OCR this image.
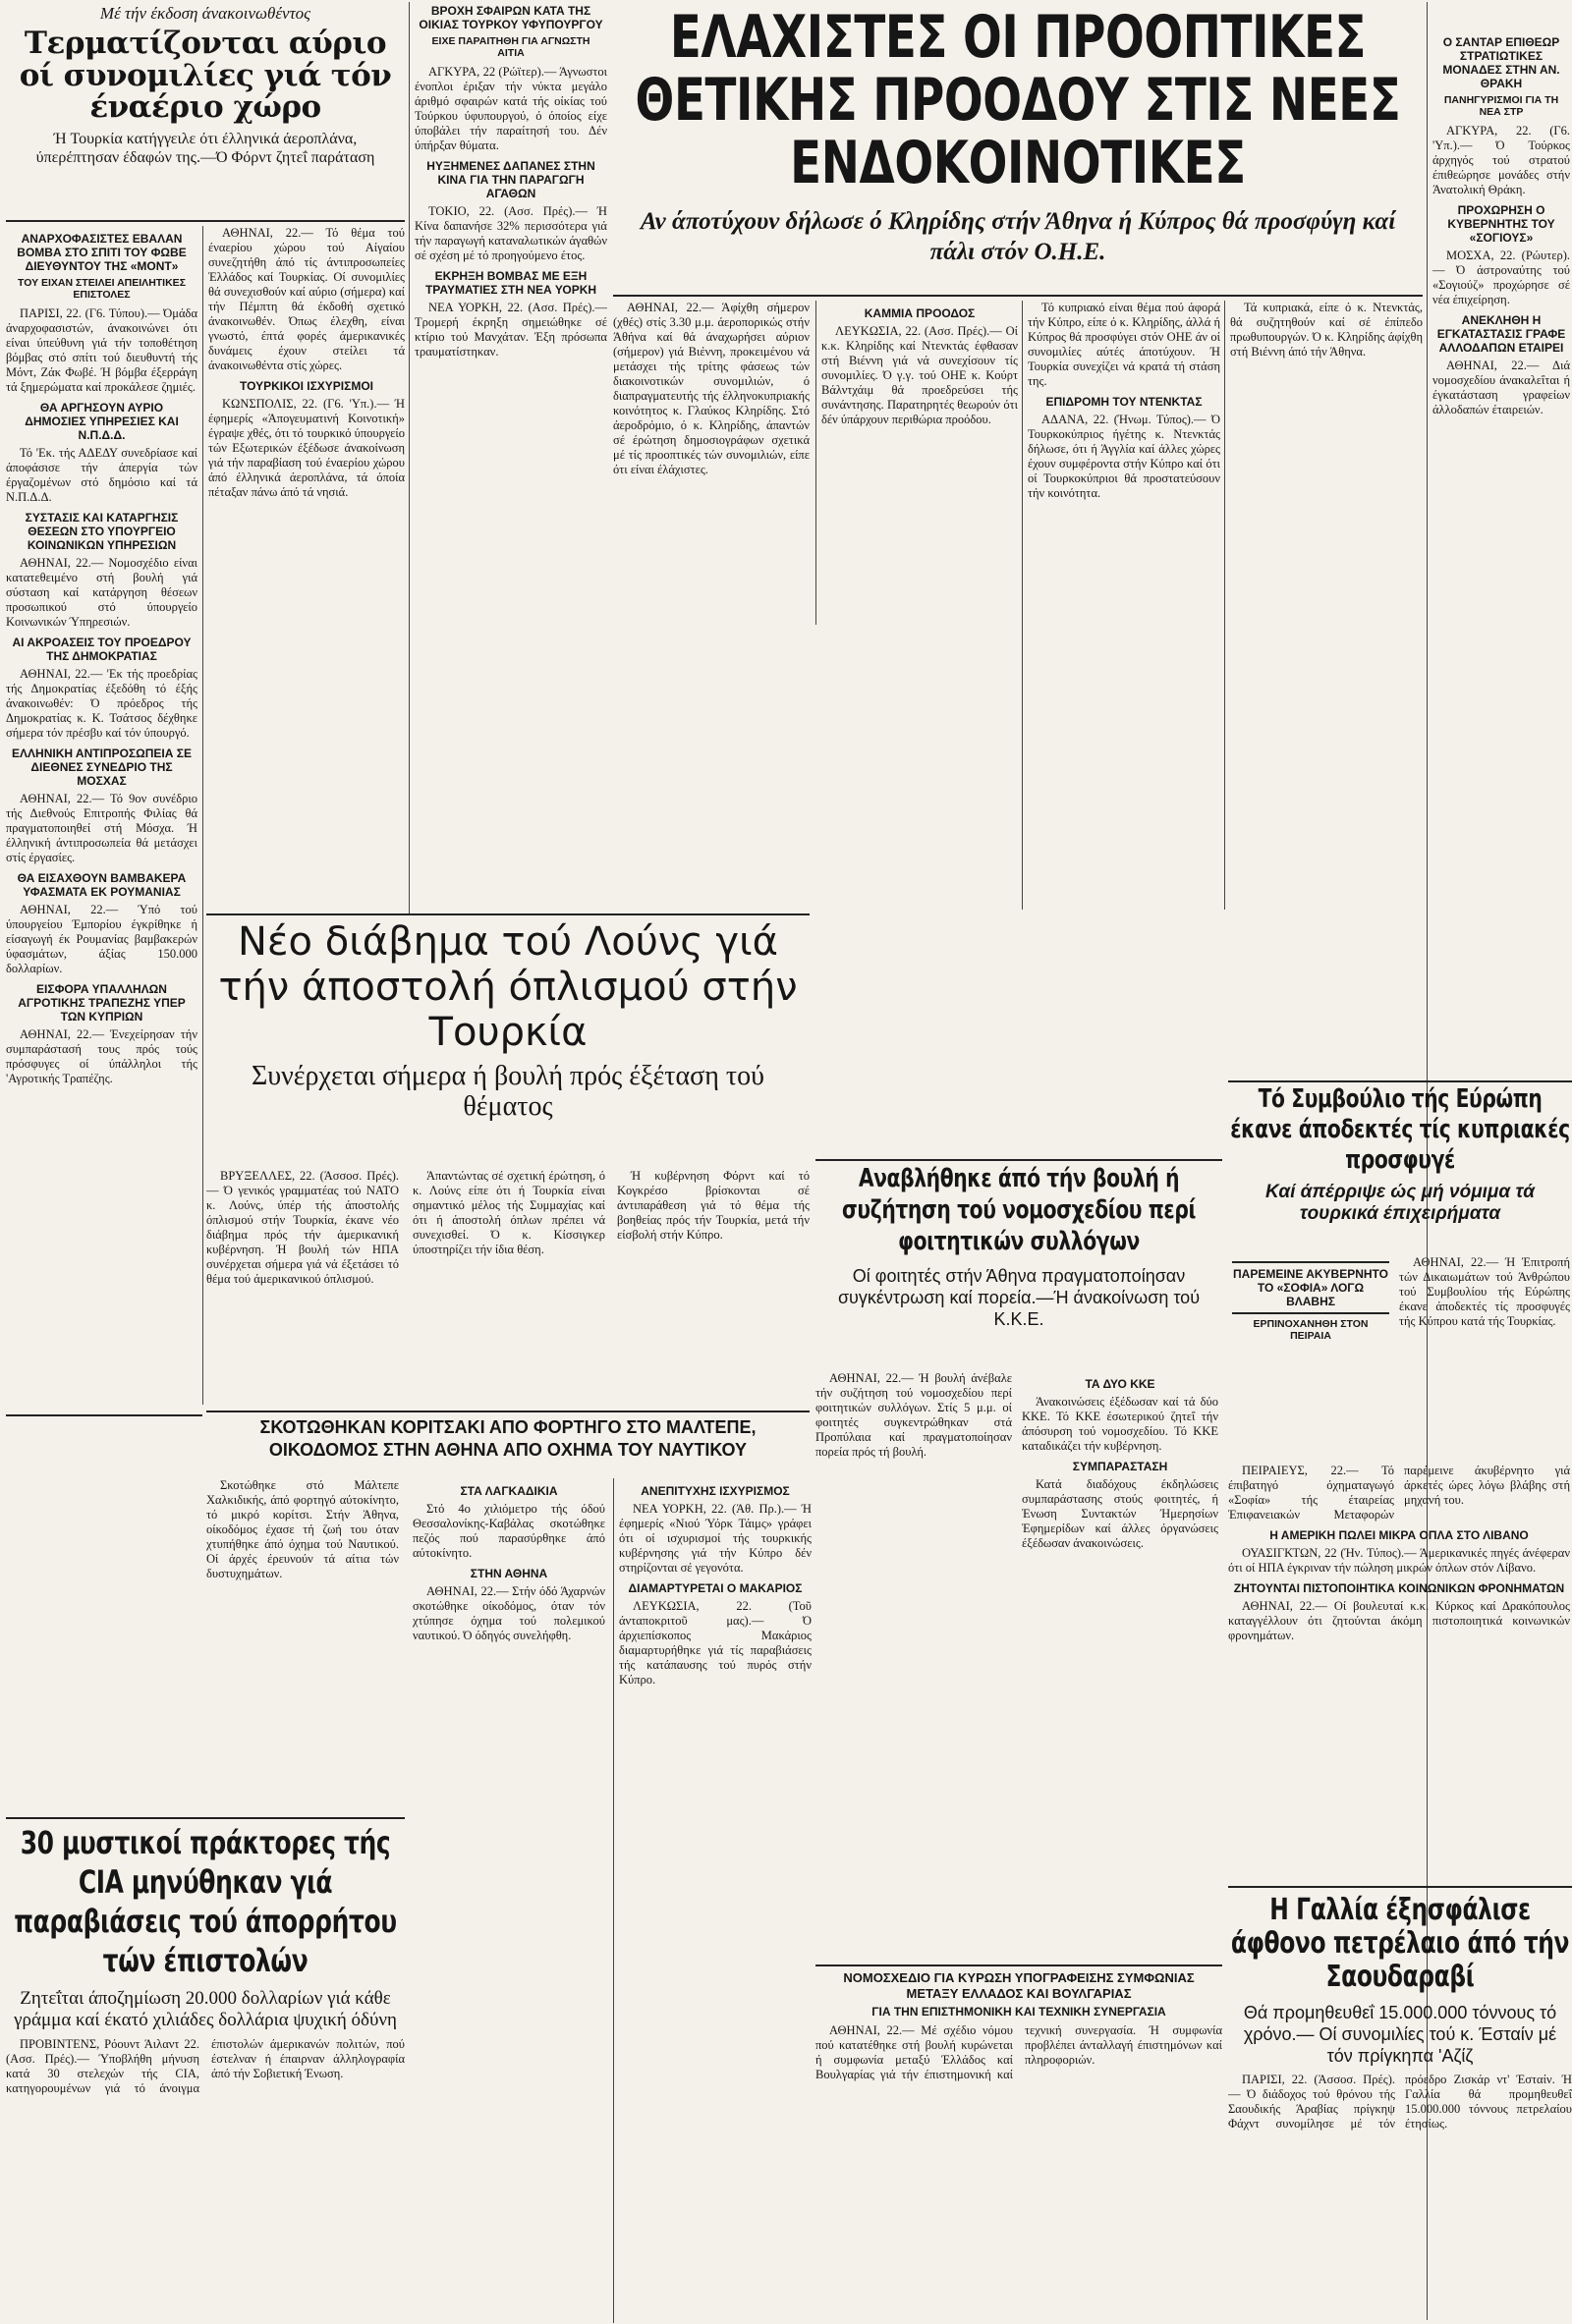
Μέ τήν έκδοση άνακοινωθέντος
Τερματίζονται αύριο οί συνομιλίες γιά τόν έναέριο χώρο
Ή Τουρκία κατήγγειλε ότι έλληνικά άεροπλάνα, ύπερέπτησαν έδαφών της.—Ό Φόρντ ζητεΐ παράταση
ΑΝΑΡΧΟΦΑΣΙΣΤΕΣ ΕΒΑΛΑΝ ΒΟΜΒΑ ΣΤΟ ΣΠΙΤΙ ΤΟΥ ΦΩΒΕ ΔΙΕΥΘΥΝΤΟΥ ΤΗΣ «ΜΟΝΤ»
ΤΟΥ ΕΙΧΑΝ ΣΤΕΙΛΕΙ ΑΠΕΙΛΗΤΙΚΕΣ ΕΠΙΣΤΟΛΕΣ

ΠΑΡΙΣΙ, 22. (Γ6. Τύπου).— Όμάδα άναρχοφασιστών, άνακοινώνει ότι είναι ύπεύθυνη γιά τήν τοποθέτηση βόμβας στό σπίτι τού διευθυντή τής Μόντ, Ζάκ Φωβέ. Ή βόμβα έξερράγη τά ξημερώματα καί προκάλεσε ζημιές.

ΘΑ ΑΡΓΗΣΟΥΝ ΑΥΡΙΟ ΔΗΜΟΣΙΕΣ ΥΠΗΡΕΣΙΕΣ ΚΑΙ Ν.Π.Δ.Δ.

Τό 'Εκ. τής ΑΔΕΔΥ συνεδρίασε καί άποφάσισε τήν άπεργία τών έργαζομένων στό δημόσιο καί τά Ν.Π.Δ.Δ.

ΣΥΣΤΑΣΙΣ ΚΑΙ ΚΑΤΑΡΓΗΣΙΣ ΘΕΣΕΩΝ ΣΤΟ ΥΠΟΥΡΓΕΙΟ ΚΟΙΝΩΝΙΚΩΝ ΥΠΗΡΕΣΙΩΝ

ΑΘΗΝΑΙ, 22.— Νομοσχέδιο είναι κατατεθειμένο στή βουλή γιά σύσταση καί κατάργηση θέσεων προσωπικού στό ύπουργείο Κοινωνικών Ύπηρεσιών.

ΑΙ ΑΚΡΟΑΣΕΙΣ ΤΟΥ ΠΡΟΕΔΡΟΥ ΤΗΣ ΔΗΜΟΚΡΑΤΙΑΣ

ΑΘΗΝΑΙ, 22.— 'Εκ τής προεδρίας τής Δημοκρατίας έξεδόθη τό έξής άνακοινωθέν: Ό πρόεδρος τής Δημοκρατίας κ. Κ. Τσάτσος δέχθηκε σήμερα τόν πρέσβυ καί τόν ύπουργό.

ΕΛΛΗΝΙΚΗ ΑΝΤΙΠΡΟΣΩΠΕΙΑ ΣΕ ΔΙΕΘΝΕΣ ΣΥΝΕΔΡΙΟ ΤΗΣ ΜΟΣΧΑΣ

ΑΘΗΝΑΙ, 22.— Τό 9ον συνέδριο τής Διεθνούς Επιτροπής Φιλίας θά πραγματοποιηθεί στή Μόσχα. Ή έλληνική άντιπροσωπεία θά μετάσχει στίς έργασίες.

ΘΑ ΕΙΣΑΧΘΟΥΝ ΒΑΜΒΑΚΕΡΑ ΥΦΑΣΜΑΤΑ ΕΚ ΡΟΥΜΑΝΙΑΣ

ΑΘΗΝΑΙ, 22.— Ύπό τού ύπουργείου Έμπορίου έγκρίθηκε ή είσαγωγή έκ Ρουμανίας βαμβακερών ύφασμάτων, άξίας 150.000 δολλαρίων.

ΕΙΣΦΟΡΑ ΥΠΑΛΛΗΛΩΝ ΑΓΡΟΤΙΚΗΣ ΤΡΑΠΕΖΗΣ ΥΠΕΡ ΤΩΝ ΚΥΠΡΙΩΝ

ΑΘΗΝΑΙ, 22.— Ένεχείρησαν τήν συμπαράστασή τους πρός τούς πρόσφυγες οί ύπάλληλοι τής 'Αγροτικής Τραπέζης.

ΑΘΗΝΑΙ, 22.— Τό θέμα τού έναερίου χώρου τού Αίγαίου συνεζητήθη άπό τίς άντιπροσωπείες Έλλάδος καί Τουρκίας. Οί συνομιλίες θά συνεχισθούν καί αύριο (σήμερα) καί τήν Πέμπτη θά έκδοθή σχετικό άνακοινωθέν. Όπως έλεχθη, είναι γνωστό, έπτά φορές άμερικανικές δυνάμεις έχουν στείλει τά άνακοινωθέντα στίς χώρες.

ΤΟΥΡΚΙΚΟΙ ΙΣΧΥΡΙΣΜΟΙ

ΚΩΝΣΠΟΛΙΣ, 22. (Γ6. 'Υπ.).— Ή έφημερίς «Άπογευματινή Κοινοτική» έγραψε χθές, ότι τό τουρκικό ύπουργείο τών Εξωτερικών έξέδωσε άνακοίνωση γιά τήν παραβίαση τού έναερίου χώρου άπό έλληνικά άεροπλάνα, τά όποία πέταξαν πάνω άπό τά νησιά.

ΒΡΟΧΗ ΣΦΑΙΡΩΝ ΚΑΤΑ ΤΗΣ ΟΙΚΙΑΣ ΤΟΥΡΚΟΥ ΥΦΥΠΟΥΡΓΟΥ
ΕΙΧΕ ΠΑΡΑΙΤΗΘΗ ΓΙΑ ΑΓΝΩΣΤΗ ΑΙΤΙΑ

ΑΓΚΥΡΑ, 22 (Ρώϊτερ).— Άγνωστοι ένοπλοι έριξαν τήν νύκτα μεγάλο άριθμό σφαιρών κατά τής οίκίας τού Τούρκου ύφυπουργού, ό όποίος είχε ύποβάλει τήν παραίτησή του. Δέν ύπήρξαν θύματα.

ΗΥΞΗΜΕΝΕΣ ΔΑΠΑΝΕΣ ΣΤΗΝ ΚΙΝΑ ΓΙΑ ΤΗΝ ΠΑΡΑΓΩΓΗ ΑΓΑΘΩΝ

ΤΟΚΙΟ, 22. (Ασσ. Πρές).— Ή Κίνα δαπανήσε 32% περισσότερα γιά τήν παραγωγή καταναλωτικών άγαθών σέ σχέση μέ τό προηγούμενο έτος.

ΕΚΡΗΞΗ ΒΟΜΒΑΣ ΜΕ ΕΞΗ ΤΡΑΥΜΑΤΙΕΣ ΣΤΗ ΝΕΑ ΥΟΡΚΗ

ΝΕΑ ΥΟΡΚΗ, 22. (Ασσ. Πρές).— Τρομερή έκρηξη σημειώθηκε σέ κτίριο τού Μανχάταν. Έξη πρόσωπα τραυματίστηκαν.

ΕΛΑΧΙΣΤΕΣ ΟΙ ΠΡΟΟΠΤΙΚΕΣ ΘΕΤΙΚΗΣ ΠΡΟΟΔΟΥ ΣΤΙΣ ΝΕΕΣ ΕΝΔΟΚΟΙΝΟΤΙΚΕΣ
Αν άποτύχουν δήλωσε ό Κληρίδης στήν Άθηνα ή Κύπρος θά προσφύγη καί πάλι στόν Ο.Η.Ε.

ΑΘΗΝΑΙ, 22.— Άφίχθη σήμερον (χθές) στίς 3.30 μ.μ. άεροπορικώς στήν Άθήνα καί θά άναχωρήσει αύριον (σήμερον) γιά Βιέννη, προκειμένου νά μετάσχει τής τρίτης φάσεως τών διακοινοτικών συνομιλιών, ό διαπραγματευτής τής έλληνοκυπριακής κοινότητος κ. Γλαύκος Κληρίδης. Στό άεροδρόμιο, ό κ. Κληρίδης, άπαντών σέ έρώτηση δημοσιογράφων σχετικά μέ τίς προοπτικές τών συνομιλιών, είπε ότι είναι έλάχιστες.

ΚΑΜΜΙΑ ΠΡΟΟΔΟΣ

ΛΕΥΚΩΣΙΑ, 22. (Ασσ. Πρές).— Οί κ.κ. Κληρίδης καί Ντενκτάς έφθασαν στή Βιέννη γιά νά συνεχίσουν τίς συνομιλίες. Ό γ.γ. τού ΟΗΕ κ. Κούρτ Βάλντχάιμ θά προεδρεύσει τής συνάντησης. Παρατηρητές θεωρούν ότι δέν ύπάρχουν περιθώρια προόδου.

Τό κυπριακό είναι θέμα πού άφορά τήν Κύπρο, είπε ό κ. Κληρίδης, άλλά ή Κύπρος θά προσφύγει στόν ΟΗΕ άν οί συνομιλίες αύτές άποτύχουν. Ή Τουρκία συνεχίζει νά κρατά τή στάση της.

ΕΠΙΔΡΟΜΗ ΤΟΥ ΝΤΕΝΚΤΑΣ

ΑΔΑΝΑ, 22. (Ήνωμ. Τύπος).— Ό Τουρκοκύπριος ήγέτης κ. Ντενκτάς δήλωσε, ότι ή Άγγλία καί άλλες χώρες έχουν συμφέροντα στήν Κύπρο καί ότι οί Τουρκοκύπριοι θά προστατεύσουν τήν κοινότητα.

Τά κυπριακά, είπε ό κ. Ντενκτάς, θά συζητηθούν καί σέ έπίπεδο πρωθυπουργών. Ό κ. Κληρίδης άφίχθη στή Βιέννη άπό τήν Άθηνα.

Ο ΣΑΝΤΑΡ ΕΠΙΘΕΩΡ ΣΤΡΑΤΙΩΤΙΚΕΣ ΜΟΝΑΔΕΣ ΣΤΗΝ ΑΝ. ΘΡΑΚΗ
ΠΑΝΗΓΥΡΙΣΜΟΙ ΓΙΑ ΤΗ ΝΕΑ ΣΤΡ

ΑΓΚΥΡΑ, 22. (Γ6. 'Υπ.).— Ό Τούρκος άρχηγός τού στρατού έπιθεώρησε μονάδες στήν Άνατολική Θράκη.

ΠΡΟΧΩΡΗΣΗ Ο ΚΥΒΕΡΝΗΤΗΣ ΤΟΥ «ΣΟΓΙΟΥΣ»

ΜΟΣΧΑ, 22. (Ρώυτερ).— Ό άστροναύτης τού «Σογιούζ» προχώρησε σέ νέα έπιχείρηση.

ΑΝΕΚΛΗΘΗ Η ΕΓΚΑΤΑΣΤΑΣΙΣ ΓΡΑΦΕ ΑΛΛΟΔΑΠΩΝ ΕΤΑΙΡΕΙ

ΑΘΗΝΑΙ, 22.— Διά νομοσχεδίου άνακαλεΐται ή έγκατάσταση γραφείων άλλοδαπών έταιρειών.

Νέο διάβημα τού Λούνς γιά τήν άποστολή όπλισμού στήν Τουρκία
Συνέρχεται σήμερα ή βουλή πρός έξέταση τού θέματος

ΒΡΥΞΕΛΛΕΣ, 22. (Άσσοσ. Πρές).— Ό γενικός γραμματέας τού ΝΑΤΟ κ. Λούνς, ύπέρ τής άποστολής όπλισμού στήν Τουρκία, έκανε νέο διάβημα πρός τήν άμερικανική κυβέρνηση. Ή βουλή τών ΗΠΑ συνέρχεται σήμερα γιά νά έξετάσει τό θέμα τού άμερικανικού όπλισμού.

Άπαντώντας σέ σχετική έρώτηση, ό κ. Λούνς είπε ότι ή Τουρκία είναι σημαντικό μέλος τής Συμμαχίας καί ότι ή άποστολή όπλων πρέπει νά συνεχισθεί. Ό κ. Κίσσιγκερ ύποστηρίζει τήν ίδια θέση.

Ή κυβέρνηση Φόρντ καί τό Κογκρέσο βρίσκονται σέ άντιπαράθεση γιά τό θέμα τής βοηθείας πρός τήν Τουρκία, μετά τήν είσβολή στήν Κύπρο.

ΣΚΟΤΩΘΗΚΑΝ ΚΟΡΙΤΣΑΚΙ ΑΠΟ ΦΟΡΤΗΓΟ ΣΤΟ ΜΑΛΤΕΠΕ, ΟΙΚΟΔΟΜΟΣ ΣΤΗΝ ΑΘΗΝΑ ΑΠΟ ΟΧΗΜΑ ΤΟΥ ΝΑΥΤΙΚΟΥ

Σκοτώθηκε στό Μάλτεπε Χαλκιδικής, άπό φορτηγό αύτοκίνητο, τό μικρό κορίτσι. Στήν Άθηνα, οίκοδόμος έχασε τή ζωή του όταν χτυπήθηκε άπό όχημα τού Ναυτικού. Οί άρχές έρευνούν τά αίτια τών δυστυχημάτων.

ΣΤΑ ΛΑΓΚΑΔΙΚΙΑ

Στό 4ο χιλιόμετρο τής όδού Θεσσαλονίκης-Καβάλας σκοτώθηκε πεζός πού παρασύρθηκε άπό αύτοκίνητο.

ΣΤΗΝ ΑΘΗΝΑ

ΑΘΗΝΑΙ, 22.— Στήν όδό Άχαρνών σκοτώθηκε οίκοδόμος, όταν τόν χτύπησε όχημα τού πολεμικού ναυτικού. Ό όδηγός συνελήφθη.

ΑΝΕΠΙΤΥΧΗΣ ΙΣΧΥΡΙΣΜΟΣ

ΝΕΑ ΥΟΡΚΗ, 22. (Άθ. Πρ.).— Ή έφημερίς «Νιού Ύόρκ Τάιμς» γράφει ότι οί ισχυρισμοί τής τουρκικής κυβέρνησης γιά τήν Κύπρο δέν στηρίζονται σέ γεγονότα.

ΔΙΑΜΑΡΤΥΡΕΤΑΙ Ο ΜΑΚΑΡΙΟΣ

ΛΕΥΚΩΣΙΑ, 22. (Τοῦ άνταποκριτοῦ μας).— Ό άρχιεπίσκοπος Μακάριος διαμαρτυρήθηκε γιά τίς παραβιάσεις τής κατάπαυσης τού πυρός στήν Κύπρο.

30 μυστικοί πράκτορες τής CIA μηνύθηκαν γιά παραβιάσεις τού άπορρήτου τών έπιστολών
Ζητεΐται άποζημίωση 20.000 δολλαρίων γιά κάθε γράμμα καί έκατό χιλιάδες δολλάρια ψυχική όδύνη

ΠΡΟΒΙΝΤΕΝΣ, Ρόουντ Άιλαντ 22. (Ασσ. Πρές).— Ύποβλήθη μήνυση κατά 30 στελεχών τής CIA, κατηγορουμένων γιά τό άνοιγμα έπιστολών άμερικανών πολιτών, πού έστελναν ή έπαιρναν άλληλογραφία άπό τήν Σοβιετική Ένωση.

Αναβλήθηκε άπό τήν βουλή ή συζήτηση τού νομοσχεδίου περί φοιτητικών συλλόγων
Οί φοιτητές στήν Άθηνα πραγματοποίησαν συγκέντρωση καί πορεία.—Ή άνακοίνωση τού Κ.Κ.Ε.

ΑΘΗΝΑΙ, 22.— Ή βουλή άνέβαλε τήν συζήτηση τού νομοσχεδίου περί φοιτητικών συλλόγων. Στίς 5 μ.μ. οί φοιτητές συγκεντρώθηκαν στά Προπύλαια καί πραγματοποίησαν πορεία πρός τή βουλή.

ΤΑ ΔΥΟ ΚΚΕ

Άνακοινώσεις έξέδωσαν καί τά δύο ΚΚΕ. Τό ΚΚΕ έσωτερικού ζητεΐ τήν άπόσυρση τού νομοσχεδίου. Τό ΚΚΕ καταδικάζει τήν κυβέρνηση.

ΣΥΜΠΑΡΑΣΤΑΣΗ

Κατά διαδόχους έκδηλώσεις συμπαράστασης στούς φοιτητές, ή Ένωση Συντακτών Ήμερησίων Έφημερίδων καί άλλες όργανώσεις έξέδωσαν άνακοινώσεις.

ΝΟΜΟΣΧΕΔΙΟ ΓΙΑ ΚΥΡΩΣΗ ΥΠΟΓΡΑΦΕΙΣΗΣ ΣΥΜΦΩΝΙΑΣ ΜΕΤΑΞΥ ΕΛΛΑΔΟΣ ΚΑΙ ΒΟΥΛΓΑΡΙΑΣ
ΓΙΑ ΤΗΝ ΕΠΙΣΤΗΜΟΝΙΚΗ ΚΑΙ ΤΕΧΝΙΚΗ ΣΥΝΕΡΓΑΣΙΑ

ΑΘΗΝΑΙ, 22.— Μέ σχέδιο νόμου πού κατατέθηκε στή βουλή κυρώνεται ή συμφωνία μεταξύ Έλλάδος καί Βουλγαρίας γιά τήν έπιστημονική καί τεχνική συνεργασία. Ή συμφωνία προβλέπει άνταλλαγή έπιστημόνων καί πληροφοριών.

Τό Συμβούλιο τής Εύρώπη έκανε άποδεκτές τίς κυπριακές προσφυγέ
Καί άπέρριψε ώς μή νόμιμα τά τουρκικά έπιχειρήματα
ΠΑΡΕΜΕΙΝΕ ΑΚΥΒΕΡΝΗΤΟ ΤΟ «ΣΟΦΙΑ» ΛΟΓΩ ΒΛΑΒΗΣ
ΕΡΠΙΝΟΧΑΝΗΘΗ ΣΤΟΝ ΠΕΙΡΑΙΑ

ΑΘΗΝΑΙ, 22.— Ή Έπιτροπή τών Δικαιωμάτων τού Άνθρώπου τού Συμβουλίου τής Εύρώπης έκανε άποδεκτές τίς προσφυγές τής Κύπρου κατά τής Τουρκίας.

ΠΕΙΡΑΙΕΥΣ, 22.— Τό έπιβατηγό όχηματαγωγό «Σοφία» τής έταιρείας Έπιφανειακών Μεταφορών παρέμεινε άκυβέρνητο γιά άρκετές ώρες λόγω βλάβης στή μηχανή του.

Η ΑΜΕΡΙΚΗ ΠΩΛΕΙ ΜΙΚΡΑ ΟΠΛΑ ΣΤΟ ΛΙΒΑΝΟ

ΟΥΑΣΙΓΚΤΩΝ, 22 (Ήν. Τύπος).— Άμερικανικές πηγές άνέφεραν ότι οί ΗΠΑ έγκριναν τήν πώληση μικρών όπλων στόν Λίβανο.

ΖΗΤΟΥΝΤΑΙ ΠΙΣΤΟΠΟΙΗΤΙΚΑ ΚΟΙΝΩΝΙΚΩΝ ΦΡΟΝΗΜΑΤΩΝ

ΑΘΗΝΑΙ, 22.— Οί βουλευταί κ.κ. Κύρκος καί Δρακόπουλος καταγγέλλουν ότι ζητούνται άκόμη πιστοποιητικά κοινωνικών φρονημάτων.

Η Γαλλία έξησφάλισε άφθονο πετρέλαιο άπό τήν Σαουδαραβί
Θά προμηθευθεΐ 15.000.000 τόννους τό χρόνο.— Οί συνομιλίες τού κ. Έσταίν μέ τόν πρίγκηπα 'Αζίζ

ΠΑΡΙΣΙ, 22. (Άσσοσ. Πρές).— Ό διάδοχος τού θρόνου τής Σαουδικής Άραβίας πρίγκηψ Φάχντ συνομίλησε μέ τόν πρόεδρο Ζισκάρ ντ' Έσταίν. Ή Γαλλία θά προμηθευθεΐ 15.000.000 τόννους πετρελαίου έτησίως.
